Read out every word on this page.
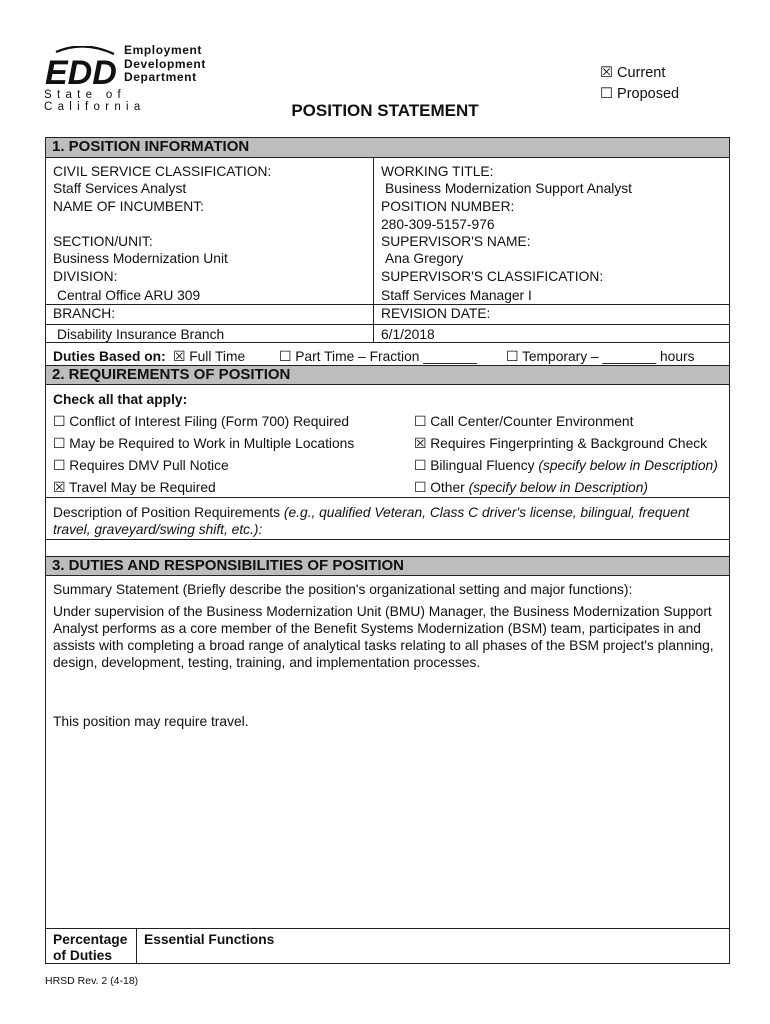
EDD
Employment
Development
Department
State of California
☒ Current
☐ Proposed
POSITION STATEMENT
1. POSITION INFORMATION
CIVIL SERVICE CLASSIFICATION:
Staff Services Analyst
NAME OF INCUMBENT:
SECTION/UNIT:
Business Modernization Unit
DIVISION:
Central Office ARU 309
BRANCH:
Disability Insurance Branch
WORKING TITLE:
Business Modernization Support Analyst
POSITION NUMBER:
280-309-5157-976
SUPERVISOR'S NAME:
Ana Gregory
SUPERVISOR'S CLASSIFICATION:
Staff Services Manager I
REVISION DATE:
6/1/2018
Duties Based on: ☒ Full Time ☐ Part Time – Fraction _______ ☐ Temporary – _______ hours
2. REQUIREMENTS OF POSITION
Check all that apply:
☐ Conflict of Interest Filing (Form 700) Required
☐ May be Required to Work in Multiple Locations
☐ Requires DMV Pull Notice
☒ Travel May be Required
☐ Call Center/Counter Environment
☒ Requires Fingerprinting & Background Check
☐ Bilingual Fluency (specify below in Description)
☐ Other (specify below in Description)
Description of Position Requirements (e.g., qualified Veteran, Class C driver's license, bilingual, frequent travel, graveyard/swing shift, etc.):
3. DUTIES AND RESPONSIBILITIES OF POSITION
Summary Statement (Briefly describe the position's organizational setting and major functions):
Under supervision of the Business Modernization Unit (BMU) Manager, the Business Modernization Support Analyst performs as a core member of the Benefit Systems Modernization (BSM) team, participates in and assists with completing a broad range of analytical tasks relating to all phases of the BSM project's planning, design, development, testing, training, and implementation processes.
This position may require travel.
Percentage
of Duties
Essential Functions
HRSD Rev. 2 (4-18)
